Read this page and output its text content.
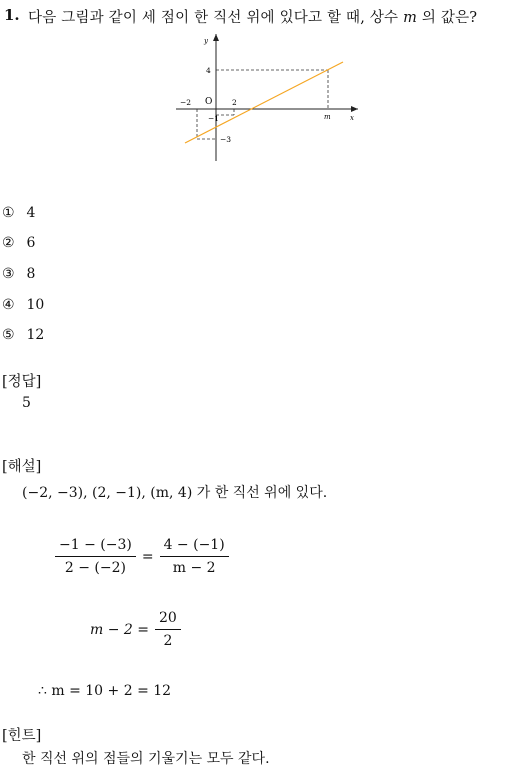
1. 다음 그림과 같이 세 점이 한 직선 위에 있다고 할 때, 상수 m 의 값은?
y
x
O
−2	2
4
−1
−3
m
① 4
② 6
③ 8
④ 10
⑤ 12
[정답]
5
[해설]
(−2, −3), (2, −1), (m, 4) 가 한 직선 위에 있다.
$\frac{-1 - (-3)}{2 - (-2)} = \frac{4 - (-1)}{m - 2}$
$m - 2 = \frac{20}{2}$
∴ m = 10 + 2 = 12
[힌트]
한 직선 위의 점들의 기울기는 모두 같다.
